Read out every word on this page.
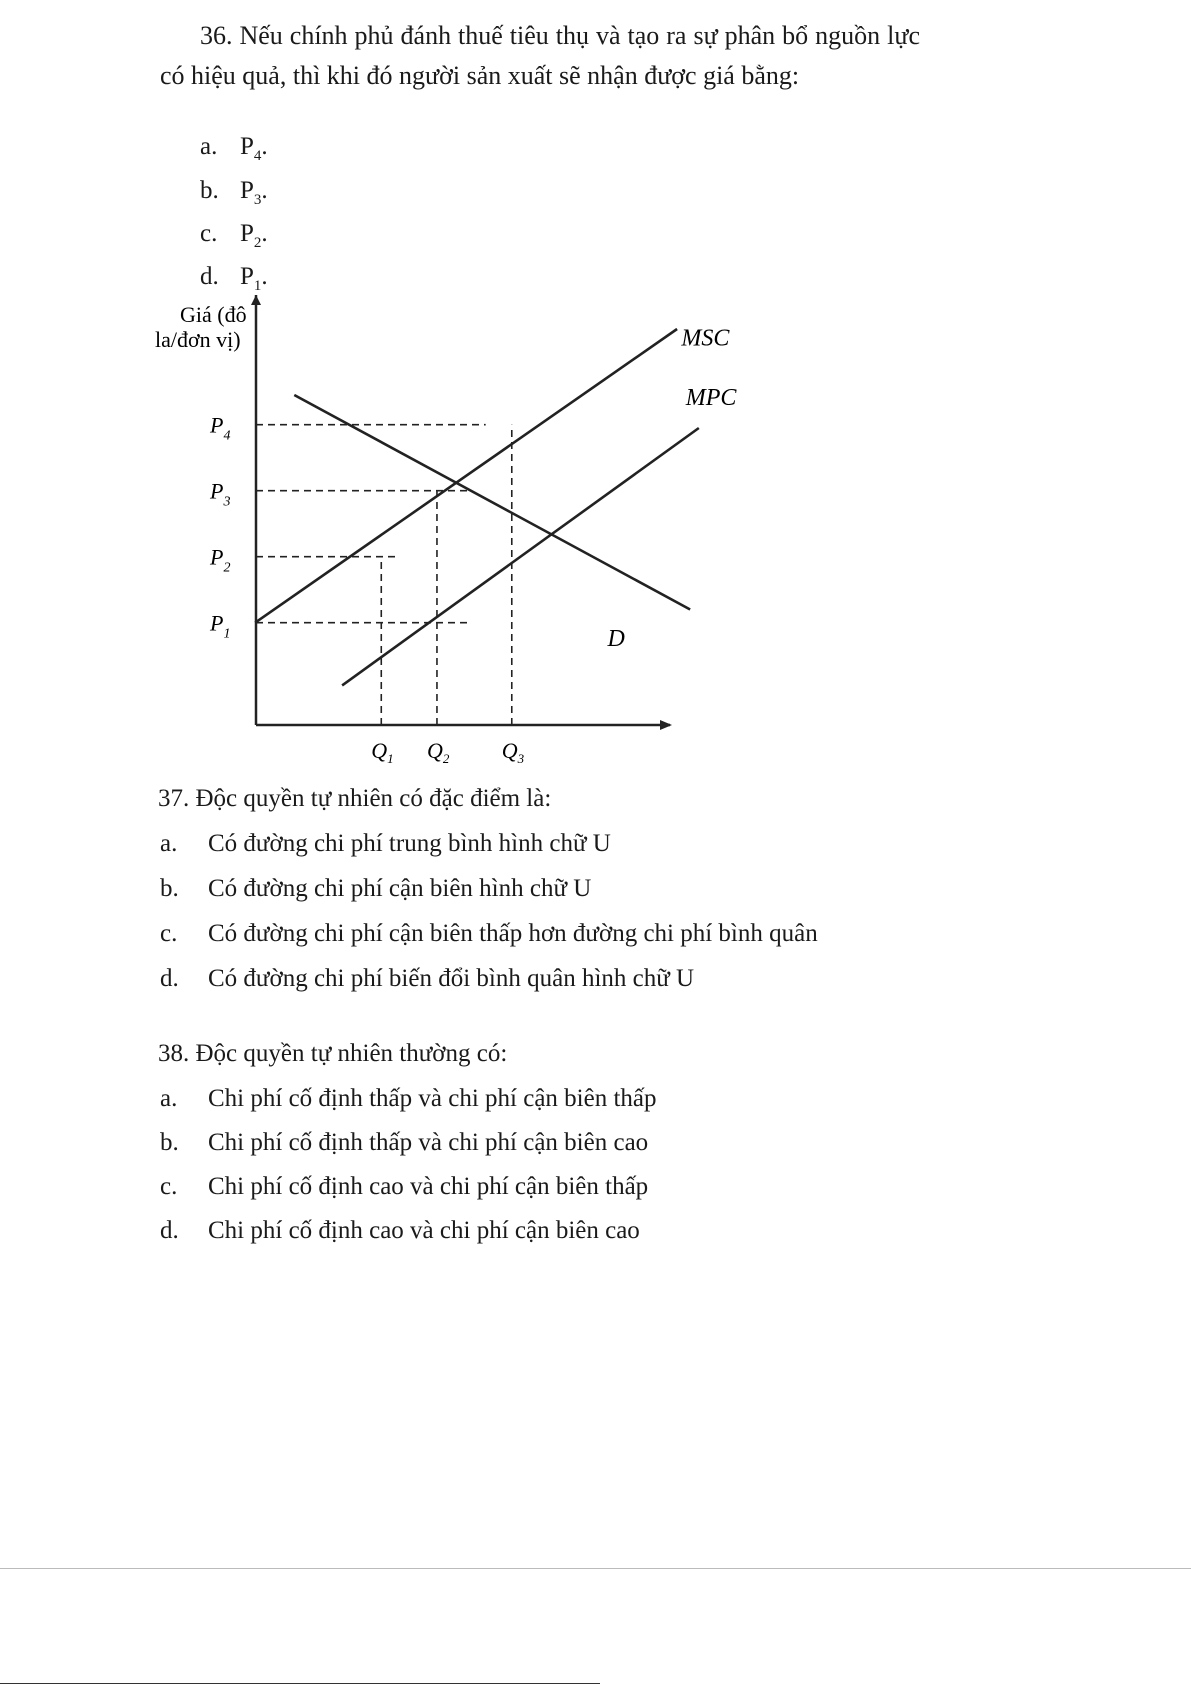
36. Nếu chính phủ đánh thuế tiêu thụ và tạo ra sự phân bổ nguồn lực có hiệu quả, thì khi đó người sản xuất sẽ nhận được giá bằng:
a. $P_4$.
b. $P_3$.
c. $P_2$.
d. $P_1$.
$P_1$
$P_2$
$P_3$
$P_4$
$Q_1$ $Q_2$ $Q_3$
MSC
MPC
D
Giá (đô
la/đơn vị)
37. Độc quyền tự nhiên có đặc điểm là:
a. Có đường chi phí trung bình hình chữ U
b. Có đường chi phí cận biên hình chữ U
c. Có đường chi phí cận biên thấp hơn đường chi phí bình quân
d. Có đường chi phí biến đổi bình quân hình chữ U
38. Độc quyền tự nhiên thường có:
a. Chi phí cố định thấp và chi phí cận biên thấp
b. Chi phí cố định thấp và chi phí cận biên cao
c. Chi phí cố định cao và chi phí cận biên thấp
d. Chi phí cố định cao và chi phí cận biên cao
